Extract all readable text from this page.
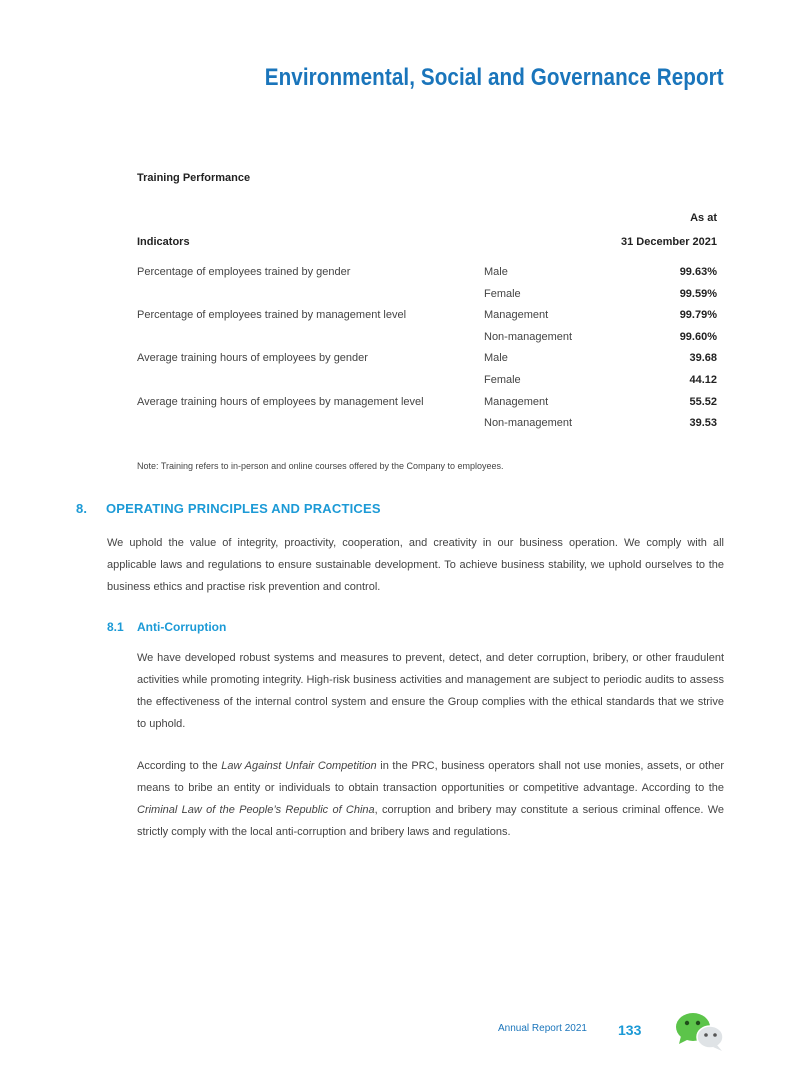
Environmental, Social and Governance Report
Training Performance
As at
Indicators	31 December 2021
Percentage of employees trained by gender	Male	99.63%
Female	99.59%
Percentage of employees trained by management level	Management	99.79%
Non-management	99.60%
Average training hours of employees by gender	Male	39.68
Female	44.12
Average training hours of employees by management level	Management	55.52
Non-management	39.53
Note: Training refers to in-person and online courses offered by the Company to employees.
8. OPERATING PRINCIPLES AND PRACTICES
We uphold the value of integrity, proactivity, cooperation, and creativity in our business operation. We comply with all applicable laws and regulations to ensure sustainable development. To achieve business stability, we uphold ourselves to the business ethics and practise risk prevention and control.
8.1 Anti-Corruption
We have developed robust systems and measures to prevent, detect, and deter corruption, bribery, or other fraudulent activities while promoting integrity. High-risk business activities and management are subject to periodic audits to assess the effectiveness of the internal control system and ensure the Group complies with the ethical standards that we strive to uphold.
According to the Law Against Unfair Competition in the PRC, business operators shall not use monies, assets, or other means to bribe an entity or individuals to obtain transaction opportunities or competitive advantage. According to the Criminal Law of the People’s Republic of China, corruption and bribery may constitute a serious criminal offence. We strictly comply with the local anti-corruption and bribery laws and regulations.
Annual Report 2021 133
